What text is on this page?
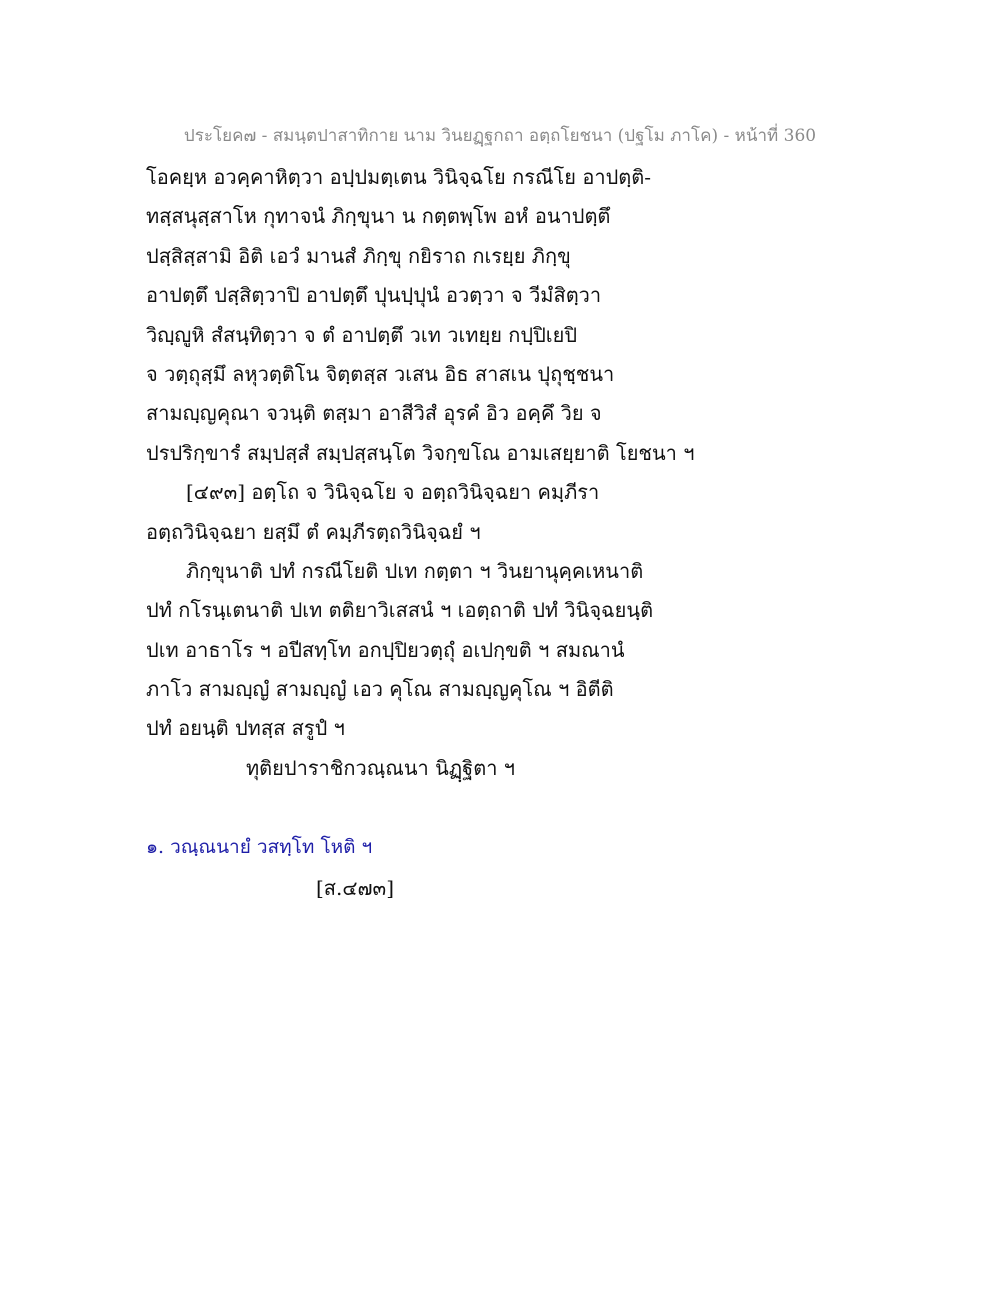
ประโยค๗ - สมนฺตปาสาทิกาย นาม วินยฏฺฐกถา อตฺถโยชนา (ปฐโม ภาโค) - หน้าที่ 360
โอคยฺห อวคฺคาหิตฺวา อปฺปมตฺเตน วินิจฺฉโย กรณีโย อาปตฺติ-
ทสฺสนุสฺสาโห กุทาจนํ ภิกฺขุนา น กตฺตพฺโพ อหํ อนาปตฺตึ
ปสฺสิสฺสามิ อิติ เอวํ มานสํ ภิกฺขุ กยิราถ กเรยฺย ภิกฺขุ
อาปตฺตึ ปสฺสิตฺวาปิ อาปตฺตึ ปุนปฺปุนํ อวตฺวา จ วีมํสิตฺวา
วิญฺญูหิ สํสนฺทิตฺวา จ ตํ อาปตฺตึ วเท วเทยฺย กปฺปิเยปิ
จ วตฺถุสฺมึ ลหุวตฺติโน จิตฺตสฺส วเสน อิธ สาสเน ปุถุชฺชนา
สามญฺญคุณา จวนฺติ ตสฺมา อาสีวิสํ อุรคํ อิว อคฺคึ วิย จ
ปรปริกฺขารํ สมฺปสฺสํ สมฺปสฺสนฺโต วิจกฺขโณ อามเสยฺยาติ โยชนา ฯ
[๔๙๓] อตฺโถ จ วินิจฺฉโย จ อตฺถวินิจฺฉยา คมฺภีรา
อตฺถวินิจฺฉยา ยสฺมึ ตํ คมฺภีรตฺถวินิจฺฉยํ ฯ
ภิกฺขุนาติ ปทํ กรณีโยติ ปเท กตฺตา ฯ วินยานุคฺคเหนาติ
ปทํ กโรนฺเตนาติ ปเท ตติยาวิเสสนํ ฯ เอตฺถาติ ปทํ วินิจฺฉยนฺติ
ปเท อาธาโร ฯ อปีสทฺโท อกปฺปิยวตฺถุํ อเปกฺขติ ฯ สมณานํ
ภาโว สามญฺญํ สามญฺญํ เอว คุโณ สามญฺญคุโณ ฯ อิตีติ
ปทํ อยนฺติ ปทสฺส สรูปํ ฯ
ทุติยปาราชิกวณฺณนา นิฏฺฐิตา ฯ
๑. วณฺณนายํ วสทฺโท โหติ ฯ
[ส.๔๗๓]
